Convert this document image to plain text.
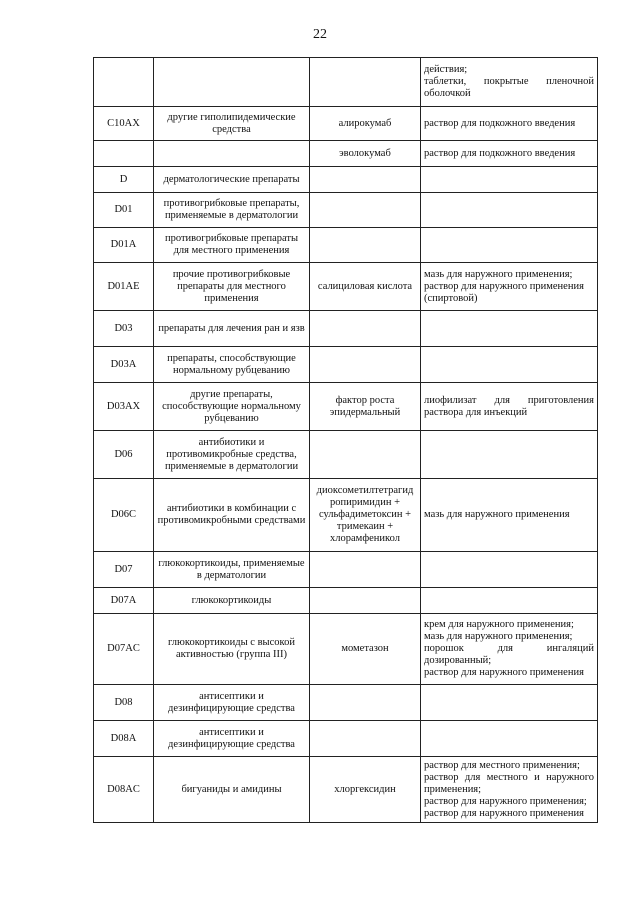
22
			действия;
таблетки, покрытые пленочной оболочкой
C10AX	другие гиполипидемические средства	алирокумаб	раствор для подкожного введения
		эволокумаб	раствор для подкожного введения
D	дерматологические препараты		
D01	противогрибковые препараты, применяемые в дерматологии		
D01A	противогрибковые препараты для местного применения		
D01AE	прочие противогрибковые препараты для местного применения	салициловая кислота	мазь для наружного применения;
раствор для наружного применения (спиртовой)
D03	препараты для лечения ран и язв		
D03A	препараты, способствующие нормальному рубцеванию		
D03AX	другие препараты, способствующие нормальному рубцеванию	фактор роста эпидермальный	лиофилизат для приготовления раствора для инъекций
D06	антибиотики и противомикробные средства, применяемые в дерматологии		
D06C	антибиотики в комбинации с противомикробными средствами	диоксометилтетрагид ропиримидин + сульфадиметоксин + тримекаин + хлорамфеникол	мазь для наружного применения
D07	глюкокортикоиды, применяемые в дерматологии		
D07A	глюкокортикоиды		
D07AC	глюкокортикоиды с высокой активностью (группа III)	мометазон	крем для наружного применения;
мазь для наружного применения;
порошок для ингаляций дозированный;
раствор для наружного применения
D08	антисептики и дезинфицирующие средства		
D08A	антисептики и дезинфицирующие средства		
D08AC	бигуаниды и амидины	хлоргексидин	раствор для местного применения;
раствор для местного и наружного применения;
раствор для наружного применения;
раствор для наружного применения
